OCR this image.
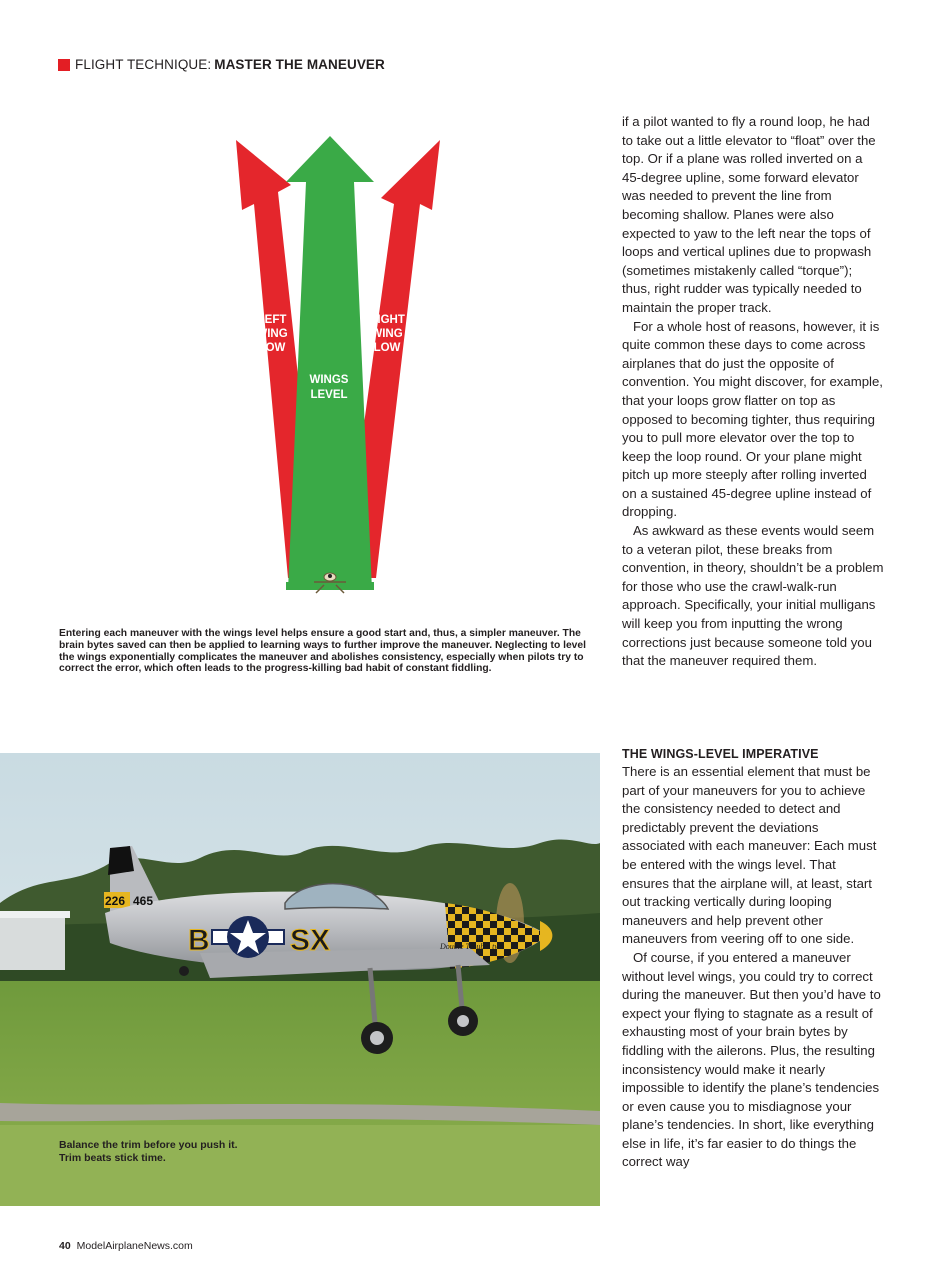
FLIGHT TECHNIQUE: MASTER THE MANEUVER
LEFT
WING
LOW
WINGS
LEVEL
RIGHT
WING
LOW
Entering each maneuver with the wings level helps ensure a good start and, thus, a simpler maneuver. The brain bytes saved can then be applied to learning ways to further improve the maneuver. Neglecting to level the wings exponentially complicates the maneuver and abolishes consistency, especially when pilots try to correct the error, which often leads to the progress-killing bad habit of constant fiddling.
226 465
B	SX	Double Trouble two
Balance the trim before you push it. Trim beats stick time.

if a pilot wanted to fly a round loop, he had to take out a little elevator to “float” over the top. Or if a plane was rolled inverted on a 45-degree upline, some forward elevator was needed to prevent the line from becoming shallow. Planes were also expected to yaw to the left near the tops of loops and vertical uplines due to propwash (sometimes mistakenly called “torque”); thus, right rudder was typically needed to maintain the proper track.

For a whole host of reasons, however, it is quite common these days to come across airplanes that do just the opposite of convention. You might discover, for example, that your loops grow flatter on top as opposed to becoming tighter, thus requiring you to pull more elevator over the top to keep the loop round. Or your plane might pitch up more steeply after rolling inverted on a sustained 45-degree upline instead of dropping.

As awkward as these events would seem to a veteran pilot, these breaks from convention, in theory, shouldn’t be a problem for those who use the crawl-walk-run approach. Specifically, your initial mulligans will keep you from inputting the wrong corrections just because someone told you that the maneuver required them.

THE WINGS-LEVEL IMPERATIVE

There is an essential element that must be part of your maneuvers for you to achieve the consistency needed to detect and predictably prevent the deviations associated with each maneuver: Each must be entered with the wings level. That ensures that the airplane will, at least, start out tracking vertically during looping maneuvers and help prevent other maneuvers from veering off to one side.

Of course, if you entered a maneuver without level wings, you could try to correct during the maneuver. But then you’d have to expect your flying to stagnate as a result of exhausting most of your brain bytes by fiddling with the ailerons. Plus, the resulting inconsistency would make it nearly impossible to identify the plane’s tendencies or even cause you to misdiagnose your plane’s tendencies. In short, like everything else in life, it’s far easier to do things the correct way

40 ModelAirplaneNews.com
